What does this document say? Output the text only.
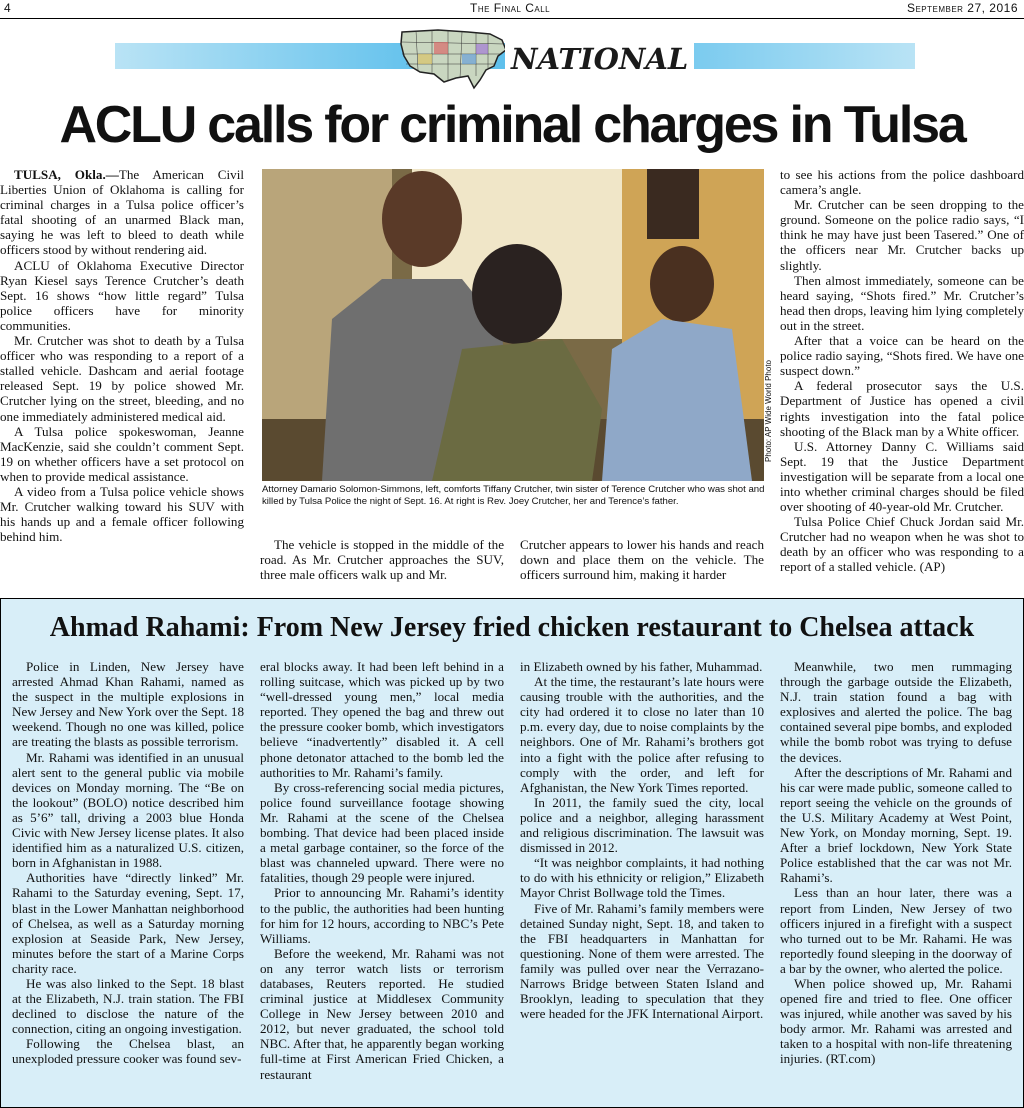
4	The Final Call	September 27, 2016
NATIONAL
ACLU calls for criminal charges in Tulsa

TULSA, Okla.—The American Civil Liberties Union of Oklahoma is calling for criminal charges in a Tulsa police officer’s fatal shooting of an unarmed Black man, saying he was left to bleed to death while officers stood by without rendering aid.

ACLU of Oklahoma Executive Director Ryan Kiesel says Terence Crutcher’s death Sept. 16 shows “how little regard” Tulsa police officers have for minority communities.

Mr. Crutcher was shot to death by a Tulsa officer who was responding to a report of a stalled vehicle. Dashcam and aerial footage released Sept. 19 by police showed Mr. Crutcher lying on the street, bleeding, and no one immediately administered medical aid.

A Tulsa police spokeswoman, Jeanne MacKenzie, said she couldn’t comment Sept. 19 on whether officers have a set protocol on when to provide medical assistance.

A video from a Tulsa police vehicle shows Mr. Crutcher walking toward his SUV with his hands up and a female officer following behind him.

Photo: AP Wide World Photo
Attorney Damario Solomon-Simmons, left, comforts Tiffany Crutcher, twin sister of Terence Crutcher who was shot and killed by Tulsa Police the night of Sept. 16. At right is Rev. Joey Crutcher, her and Terence’s father.

The vehicle is stopped in the middle of the road. As Mr. Crutcher approaches the SUV, three male officers walk up and Mr.

Crutcher appears to lower his hands and reach down and place them on the vehicle. The officers surround him, making it harder

to see his actions from the police dashboard camera’s angle.

Mr. Crutcher can be seen dropping to the ground. Someone on the police radio says, “I think he may have just been Tasered.” One of the officers near Mr. Crutcher backs up slightly.

Then almost immediately, someone can be heard saying, “Shots fired.” Mr. Crutcher’s head then drops, leaving him lying completely out in the street.

After that a voice can be heard on the police radio saying, “Shots fired. We have one suspect down.”

A federal prosecutor says the U.S. Department of Justice has opened a civil rights investigation into the fatal police shooting of the Black man by a White officer.

U.S. Attorney Danny C. Williams said Sept. 19 that the Justice Department investigation will be separate from a local one into whether criminal charges should be filed over shooting of 40-year-old Mr. Crutcher.

Tulsa Police Chief Chuck Jordan said Mr. Crutcher had no weapon when he was shot to death by an officer who was responding to a report of a stalled vehicle. (AP)

Ahmad Rahami: From New Jersey fried chicken restaurant to Chelsea attack

Police in Linden, New Jersey have arrested Ahmad Khan Rahami, named as the suspect in the multiple explosions in New Jersey and New York over the Sept. 18 weekend. Though no one was killed, police are treating the blasts as possible terrorism.

Mr. Rahami was identified in an unusual alert sent to the general public via mobile devices on Monday morning. The “Be on the lookout” (BOLO) notice described him as 5’6” tall, driving a 2003 blue Honda Civic with New Jersey license plates. It also identified him as a naturalized U.S. citizen, born in Afghanistan in 1988.

Authorities have “directly linked” Mr. Rahami to the Saturday evening, Sept. 17, blast in the Lower Manhattan neighborhood of Chelsea, as well as a Saturday morning explosion at Seaside Park, New Jersey, minutes before the start of a Marine Corps charity race.

He was also linked to the Sept. 18 blast at the Elizabeth, N.J. train station. The FBI declined to disclose the nature of the connection, citing an ongoing investigation.

Following the Chelsea blast, an unexploded pressure cooker was found sev-

eral blocks away. It had been left behind in a rolling suitcase, which was picked up by two “well-dressed young men,” local media reported. They opened the bag and threw out the pressure cooker bomb, which investigators believe “inadvertently” disabled it. A cell phone detonator attached to the bomb led the authorities to Mr. Rahami’s family.

By cross-referencing social media pictures, police found surveillance footage showing Mr. Rahami at the scene of the Chelsea bombing. That device had been placed inside a metal garbage container, so the force of the blast was channeled upward. There were no fatalities, though 29 people were injured.

Prior to announcing Mr. Rahami’s identity to the public, the authorities had been hunting for him for 12 hours, according to NBC’s Pete Williams.

Before the weekend, Mr. Rahami was not on any terror watch lists or terrorism databases, Reuters reported. He studied criminal justice at Middlesex Community College in New Jersey between 2010 and 2012, but never graduated, the school told NBC. After that, he apparently began working full-time at First American Fried Chicken, a restaurant

in Elizabeth owned by his father, Muhammad.

At the time, the restaurant’s late hours were causing trouble with the authorities, and the city had ordered it to close no later than 10 p.m. every day, due to noise complaints by the neighbors. One of Mr. Rahami’s brothers got into a fight with the police after refusing to comply with the order, and left for Afghanistan, the New York Times reported.

In 2011, the family sued the city, local police and a neighbor, alleging harassment and religious discrimination. The lawsuit was dismissed in 2012.

“It was neighbor complaints, it had nothing to do with his ethnicity or religion,” Elizabeth Mayor Christ Bollwage told the Times.

Five of Mr. Rahami’s family members were detained Sunday night, Sept. 18, and taken to the FBI headquarters in Manhattan for questioning. None of them were arrested. The family was pulled over near the Verrazano-Narrows Bridge between Staten Island and Brooklyn, leading to speculation that they were headed for the JFK International Airport.

Meanwhile, two men rummaging through the garbage outside the Elizabeth, N.J. train station found a bag with explosives and alerted the police. The bag contained several pipe bombs, and exploded while the bomb robot was trying to defuse the devices.

After the descriptions of Mr. Rahami and his car were made public, someone called to report seeing the vehicle on the grounds of the U.S. Military Academy at West Point, New York, on Monday morning, Sept. 19. After a brief lockdown, New York State Police established that the car was not Mr. Rahami’s.

Less than an hour later, there was a report from Linden, New Jersey of two officers injured in a firefight with a suspect who turned out to be Mr. Rahami. He was reportedly found sleeping in the doorway of a bar by the owner, who alerted the police.

When police showed up, Mr. Rahami opened fire and tried to flee. One officer was injured, while another was saved by his body armor. Mr. Rahami was arrested and taken to a hospital with non-life threatening injuries. (RT.com)
